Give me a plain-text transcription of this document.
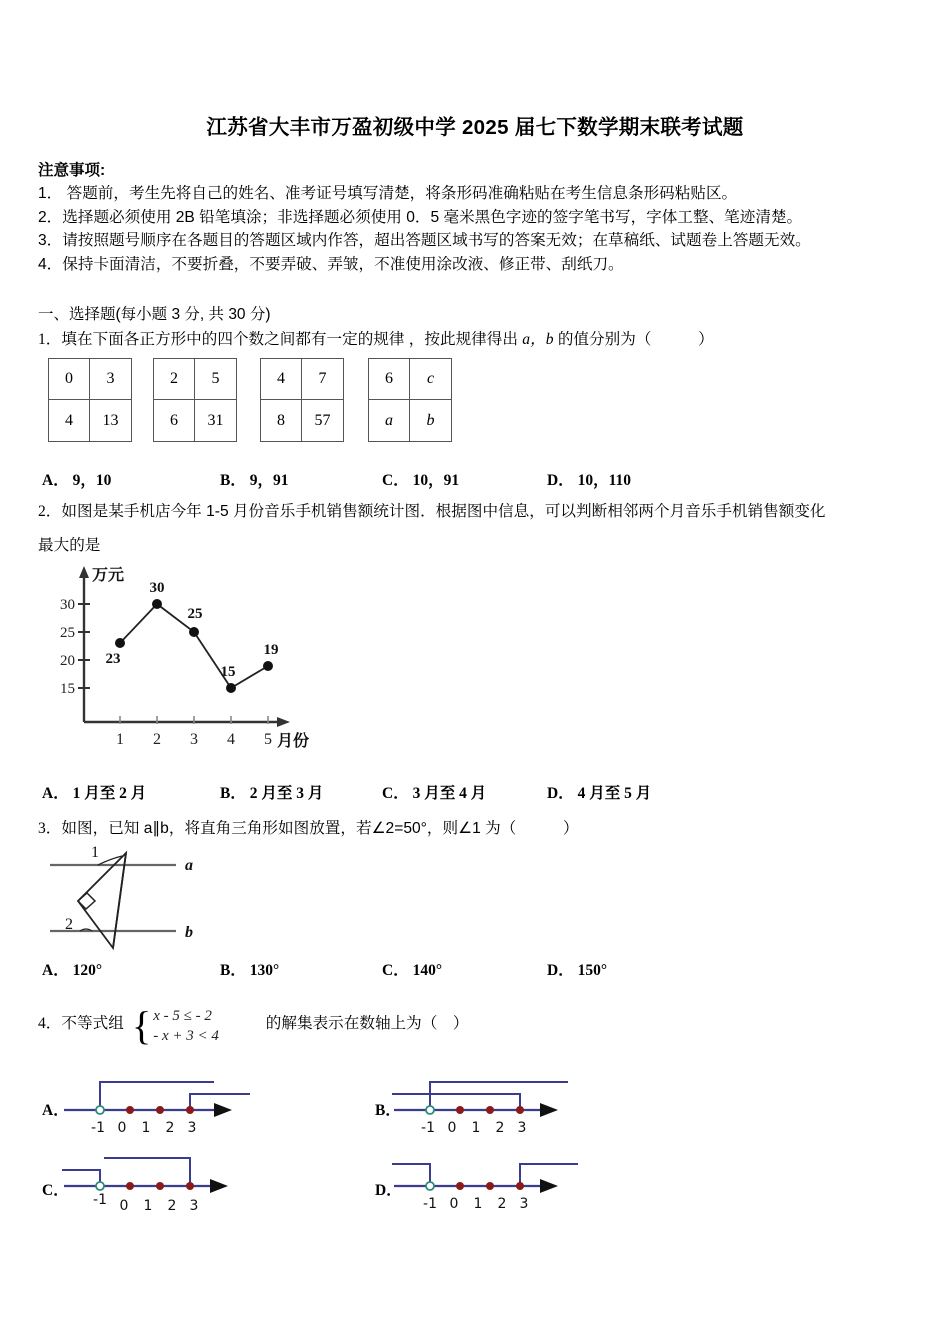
江苏省大丰市万盈初级中学 2025 届七下数学期末联考试题
注意事项:
1． 答题前，考生先将自己的姓名、准考证号填写清楚，将条形码准确粘贴在考生信息条形码粘贴区。
2．选择题必须使用 2B 铅笔填涂；非选择题必须使用 0．5 毫米黑色字迹的签字笔书写，字体工整、笔迹清楚。
3．请按照题号顺序在各题目的答题区域内作答，超出答题区域书写的答案无效；在草稿纸、试题卷上答题无效。
4．保持卡面清洁，不要折叠，不要弄破、弄皱，不准使用涂改液、修正带、刮纸刀。
一、选择题(每小题 3 分, 共 30 分)
1．填在下面各正方形中的四个数之间都有一定的规律 ，按此规律得出 a，b 的值分别为（　　　）
0	3
4	13
2	5
6	31
4	7
8	57
6	c
a	b
A． 9，10	B． 9，91	C． 10，91	D． 10，110
2．如图是某手机店今年 1‑5 月份音乐手机销售额统计图．根据图中信息，可以判断相邻两个月音乐手机销售额变化
最大的是
30
25
20
15
1 2 3 4 5
万元
月份
23
30
25
15
19
A． 1 月至 2 月	B． 2 月至 3 月	C． 3 月至 4 月	D． 4 月至 5 月
3．如图，已知 a∥b，将直角三角形如图放置，若∠2=50°，则∠1 为（　　　）
a
b
1
2
A． 120°	B． 130°	C． 140°	D． 150°
4．不等式组	的解集表示在数轴上为（　）
{ x - 5 ≤ - 2
- x + 3 < 4
A．
-1 0 1 2 3
B．
-1 0 1 2 3
C．
-1 0 1 2 3
D．
-1 0 1 2 3
